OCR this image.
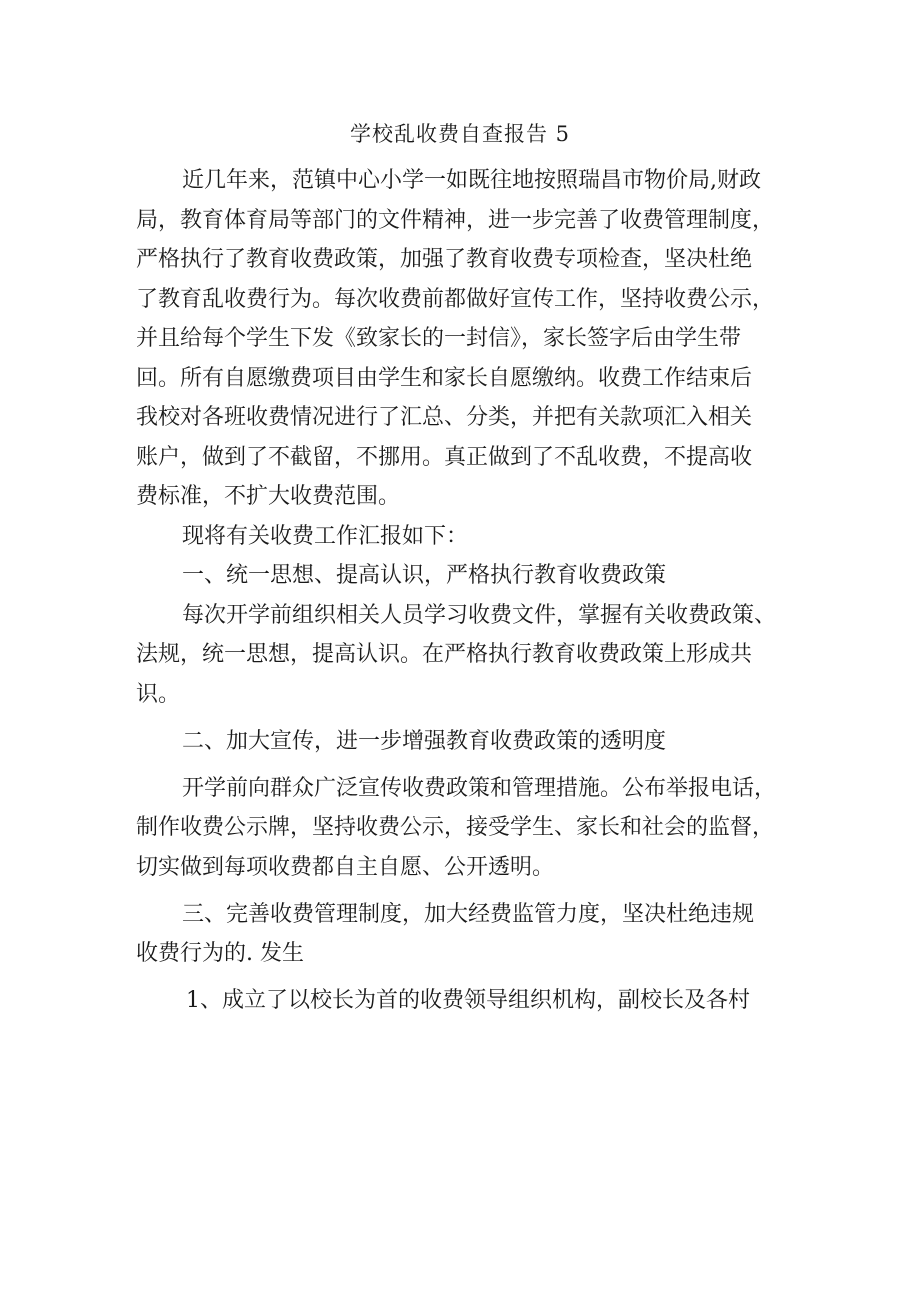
学校乱收费自查报告 5
近几年来，范镇中心小学一如既往地按照瑞昌市物价局,财政
局，教育体育局等部门的文件精神，进一步完善了收费管理制度，
严格执行了教育收费政策，加强了教育收费专项检查，坚决杜绝
了教育乱收费行为。每次收费前都做好宣传工作，坚持收费公示，
并且给每个学生下发《致家长的一封信》，家长签字后由学生带
回。所有自愿缴费项目由学生和家长自愿缴纳。收费工作结束后
我校对各班收费情况进行了汇总、分类，并把有关款项汇入相关
账户，做到了不截留，不挪用。真正做到了不乱收费，不提高收
费标准，不扩大收费范围。
现将有关收费工作汇报如下：
一、统一思想、提高认识，严格执行教育收费政策
每次开学前组织相关人员学习收费文件，掌握有关收费政策、
法规，统一思想，提高认识。在严格执行教育收费政策上形成共
识。
二、加大宣传，进一步增强教育收费政策的透明度
开学前向群众广泛宣传收费政策和管理措施。公布举报电话，
制作收费公示牌，坚持收费公示，接受学生、家长和社会的监督，
切实做到每项收费都自主自愿、公开透明。
三、完善收费管理制度，加大经费监管力度，坚决杜绝违规
收费行为的. 发生
1、成立了以校长为首的收费领导组织机构，副校长及各村
